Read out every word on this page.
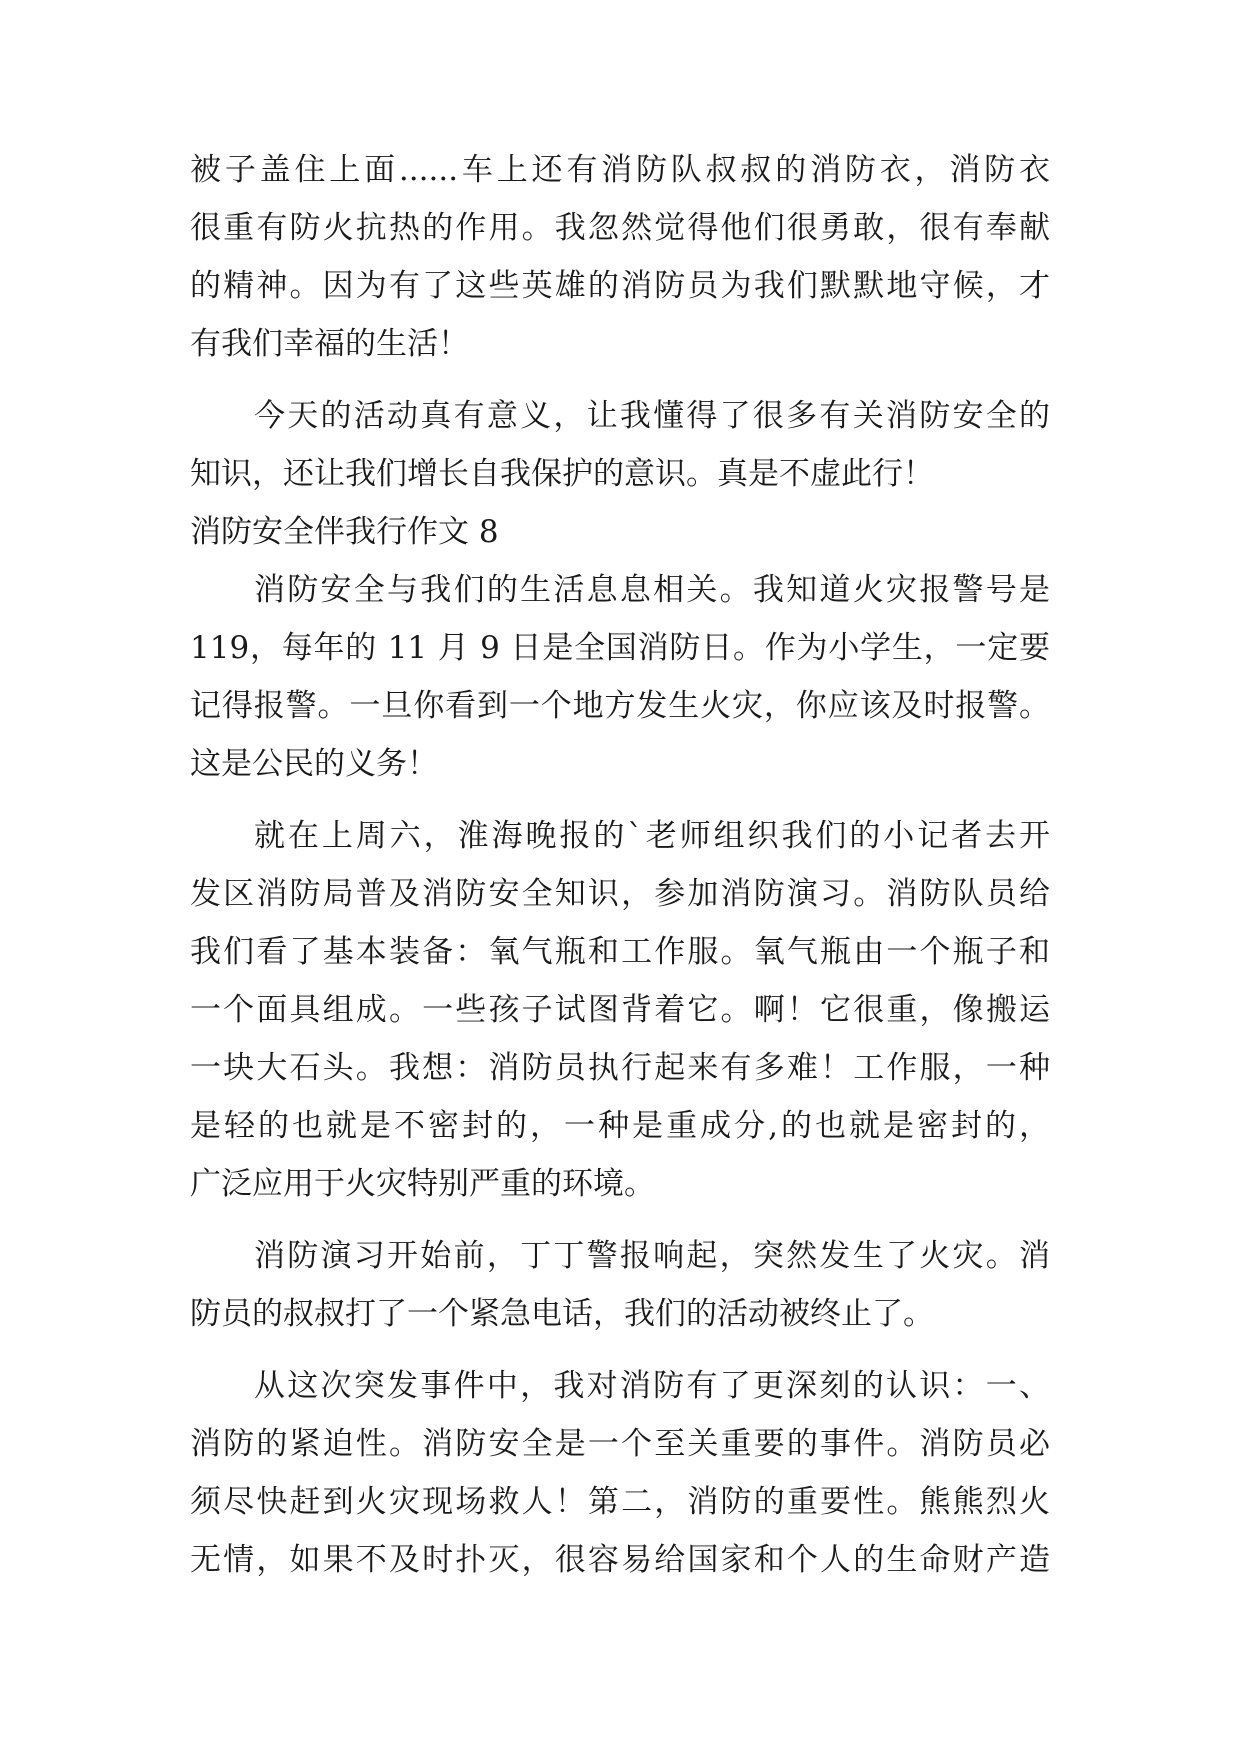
被子盖住上面......车上还有消防队叔叔的消防衣，消防衣
很重有防火抗热的作用。我忽然觉得他们很勇敢，很有奉献
的精神。因为有了这些英雄的消防员为我们默默地守候，才
有我们幸福的生活！
今天的活动真有意义，让我懂得了很多有关消防安全的
知识，还让我们增长自我保护的意识。真是不虚此行！
消防安全伴我行作文 8
消防安全与我们的生活息息相关。我知道火灾报警号是
119，每年的 11 月 9 日是全国消防日。作为小学生，一定要
记得报警。一旦你看到一个地方发生火灾，你应该及时报警。
这是公民的义务！
就在上周六，淮海晚报的`老师组织我们的小记者去开
发区消防局普及消防安全知识，参加消防演习。消防队员给
我们看了基本装备：氧气瓶和工作服。氧气瓶由一个瓶子和
一个面具组成。一些孩子试图背着它。啊！它很重，像搬运
一块大石头。我想：消防员执行起来有多难！工作服，一种
是轻的也就是不密封的，一种是重成分,的也就是密封的，
广泛应用于火灾特别严重的环境。
消防演习开始前，丁丁警报响起，突然发生了火灾。消
防员的叔叔打了一个紧急电话，我们的活动被终止了。
从这次突发事件中，我对消防有了更深刻的认识：一、
消防的紧迫性。消防安全是一个至关重要的事件。消防员必
须尽快赶到火灾现场救人！第二，消防的重要性。熊熊烈火
无情，如果不及时扑灭，很容易给国家和个人的生命财产造
